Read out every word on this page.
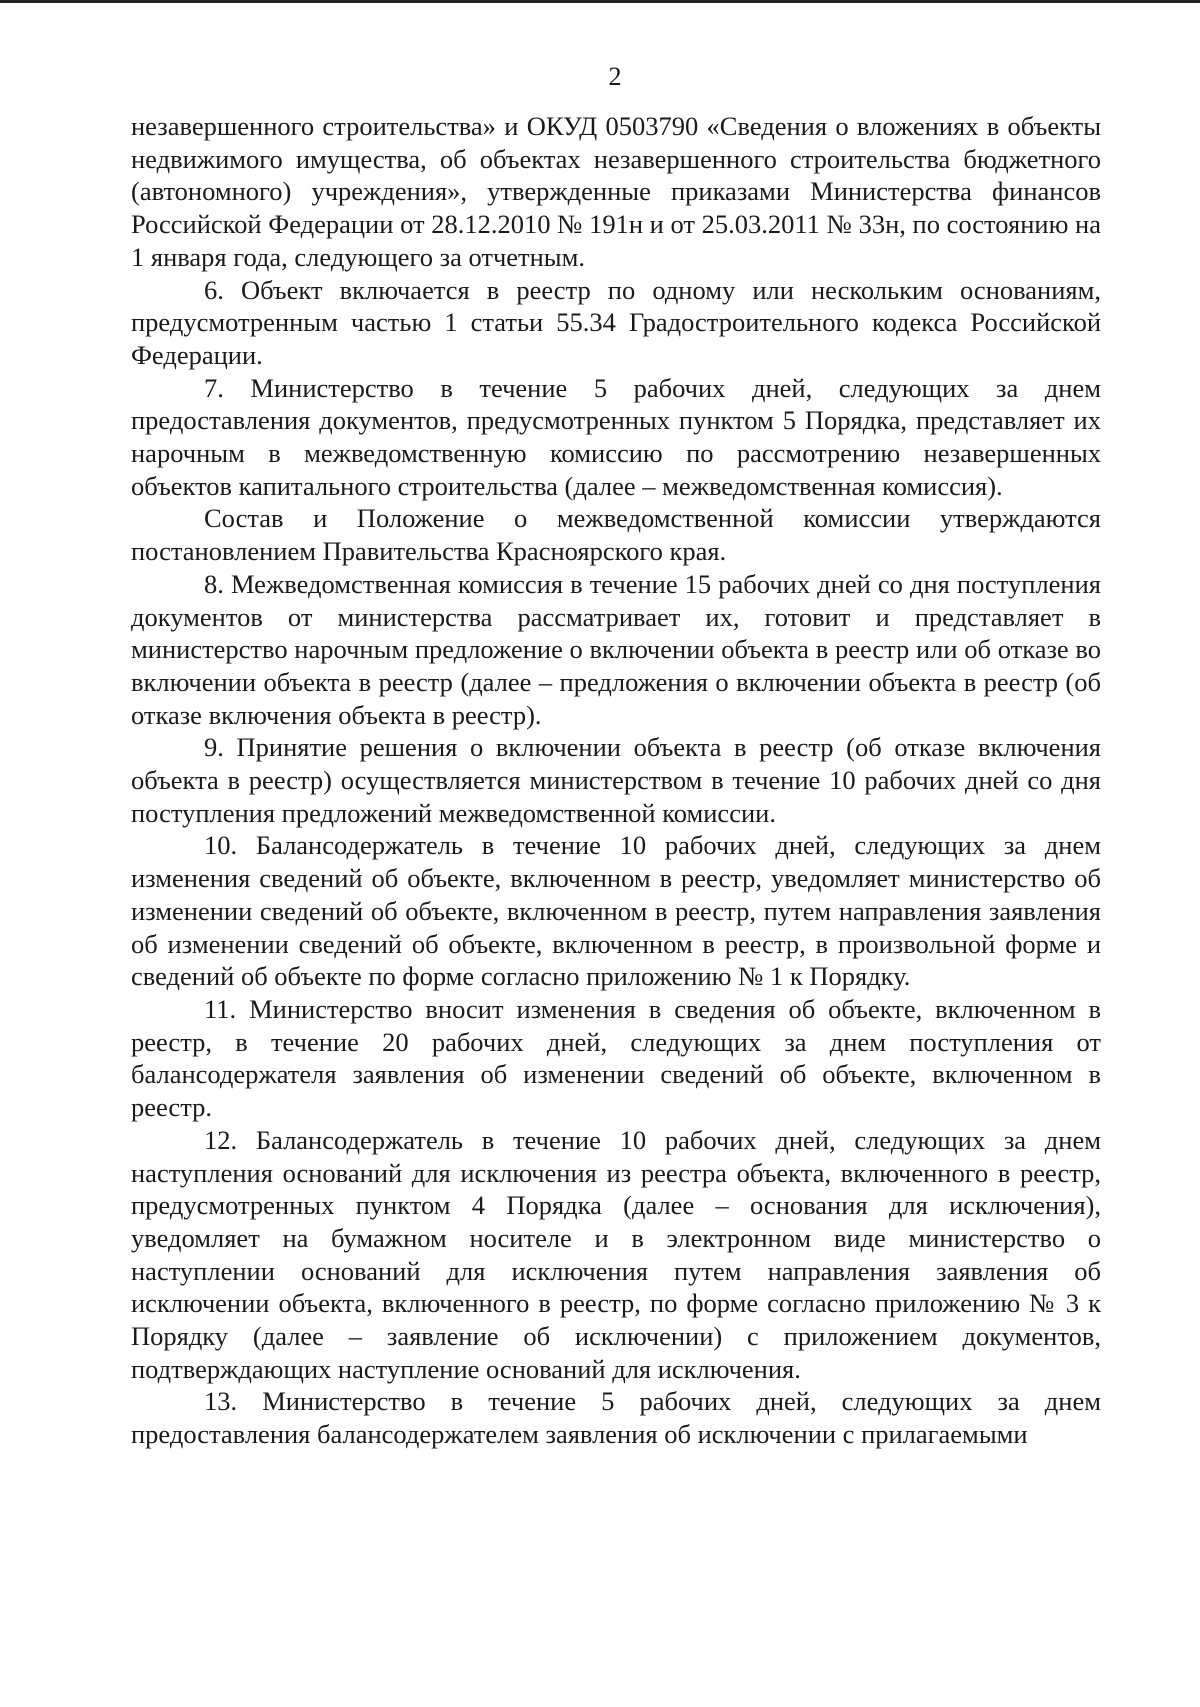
2

незавершенного строительства» и ОКУД 0503790 «Сведения о вложениях в объекты недвижимого имущества, об объектах незавершенного строительства бюджетного (автономного) учреждения», утвержденные приказами Министерства финансов Российской Федерации от 28.12.2010 № 191н и от 25.03.2011 № 33н, по состоянию на 1 января года, следующего за отчетным.

6. Объект включается в реестр по одному или нескольким основаниям, предусмотренным частью 1 статьи 55.34 Градостроительного кодекса Российской Федерации.

7. Министерство в течение 5 рабочих дней, следующих за днем предоставления документов, предусмотренных пунктом 5 Порядка, представляет их нарочным в межведомственную комиссию по рассмотрению незавершенных объектов капитального строительства (далее – межведомственная комиссия).

Состав и Положение о межведомственной комиссии утверждаются постановлением Правительства Красноярского края.

8. Межведомственная комиссия в течение 15 рабочих дней со дня поступления документов от министерства рассматривает их, готовит и представляет в министерство нарочным предложение о включении объекта в реестр или об отказе во включении объекта в реестр (далее – предложения о включении объекта в реестр (об отказе включения объекта в реестр).

9. Принятие решения о включении объекта в реестр (об отказе включения объекта в реестр) осуществляется министерством в течение 10 рабочих дней со дня поступления предложений межведомственной комиссии.

10. Балансодержатель в течение 10 рабочих дней, следующих за днем изменения сведений об объекте, включенном в реестр, уведомляет министерство об изменении сведений об объекте, включенном в реестр, путем направления заявления об изменении сведений об объекте, включенном в реестр, в произвольной форме и сведений об объекте по форме согласно приложению № 1 к Порядку.

11. Министерство вносит изменения в сведения об объекте, включенном в реестр, в течение 20 рабочих дней, следующих за днем поступления от балансодержателя заявления об изменении сведений об объекте, включенном в реестр.

12. Балансодержатель в течение 10 рабочих дней, следующих за днем наступления оснований для исключения из реестра объекта, включенного в реестр, предусмотренных пунктом 4 Порядка (далее – основания для исключения), уведомляет на бумажном носителе и в электронном виде министерство о наступлении оснований для исключения путем направления заявления об исключении объекта, включенного в реестр, по форме согласно приложению № 3 к Порядку (далее – заявление об исключении) с приложением документов, подтверждающих наступление оснований для исключения.

13. Министерство в течение 5 рабочих дней, следующих за днем предоставления балансодержателем заявления об исключении с прилагаемыми
